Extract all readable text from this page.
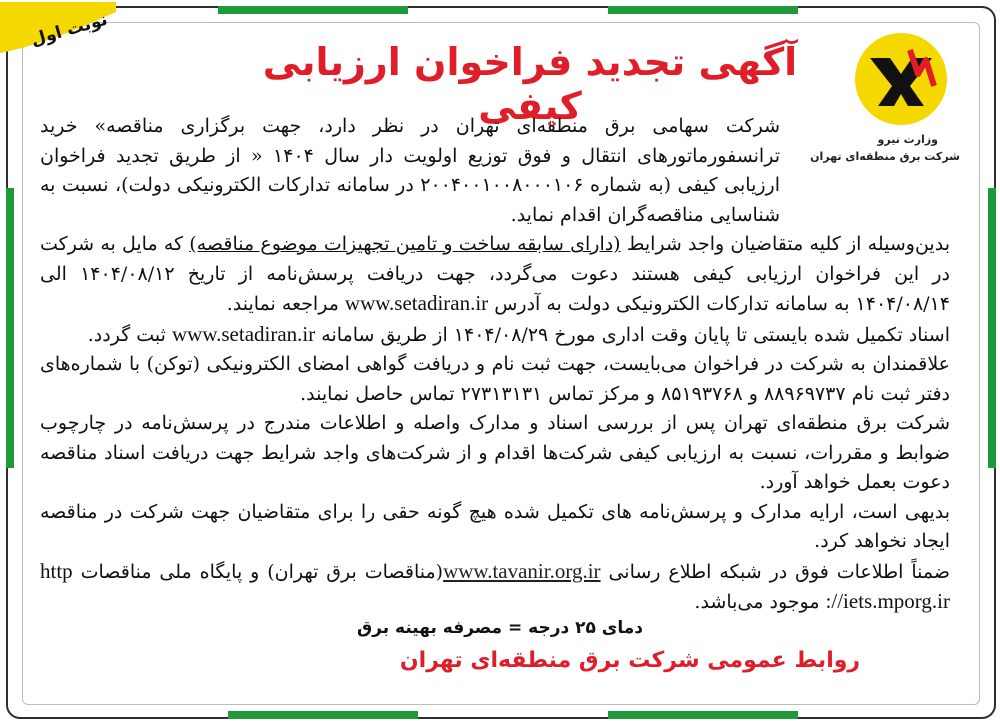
نوبت اول
وزارت نیرو
شرکت برق منطقه‌ای تهران
آگهی تجدید فراخوان ارزیابی کیفی

شرکت سهامی برق منطقه‌ای تهران در نظر دارد، جهت برگزاری مناقصه» خرید ترانسفورماتورهای انتقال و فوق توزیع اولویت دار سال ۱۴۰۴ « از طریق تجدید فراخوان ارزیابی کیفی (به شماره ۲۰۰۴۰۰۱۰۰۸۰۰۰۱۰۶ در سامانه تدارکات الکترونیکی دولت)، نسبت به شناسایی مناقصه‌گران اقدام نماید.

بدین‌وسیله از کلیه متقاضیان واجد شرایط (دارای سابقه ساخت و تامین تجهیزات موضوع مناقصه) که مایل به شرکت در این فراخوان ارزیابی کیفی هستند دعوت می‌گردد، جهت دریافت پرسش‌نامه از تاریخ ۱۴۰۴/۰۸/۱۲ الی ۱۴۰۴/۰۸/۱۴ به سامانه تدارکات الکترونیکی دولت به آدرس www.setadiran.ir مراجعه نمایند.

اسناد تکمیل شده بایستی تا پایان وقت اداری مورخ ۱۴۰۴/۰۸/۲۹ از طریق سامانه www.setadiran.ir ثبت گردد.

علاقمندان به شرکت در فراخوان می‌بایست، جهت ثبت نام و دریافت گواهی امضای الکترونیکی (توکن) با شماره‌های دفتر ثبت نام ۸۸۹۶۹۷۳۷ و ۸۵۱۹۳۷۶۸ و مرکز تماس ۲۷۳۱۳۱۳۱ تماس حاصل نمایند.

شرکت برق منطقه‌ای تهران پس از بررسی اسناد و مدارک واصله و اطلاعات مندرج در پرسش‌نامه در چارچوب ضوابط و مقررات، نسبت به ارزیابی کیفی شرکت‌ها اقدام و از شرکت‌های واجد شرایط جهت دریافت اسناد مناقصه دعوت بعمل خواهد آورد.

بدیهی است، ارایه مدارک و پرسش‌نامه های تکمیل شده هیچ گونه حقی را برای متقاضیان جهت شرکت در مناقصه ایجاد نخواهد کرد.

ضمناً اطلاعات فوق در شبکه اطلاع رسانی www.tavanir.org.ir(مناقصات برق تهران) و پایگاه ملی مناقصات http ://iets.mporg.ir موجود می‌باشد.

دمای ۲۵ درجه = مصرفه بهینه برق
روابط عمومی شرکت برق منطقه‌ای تهران
